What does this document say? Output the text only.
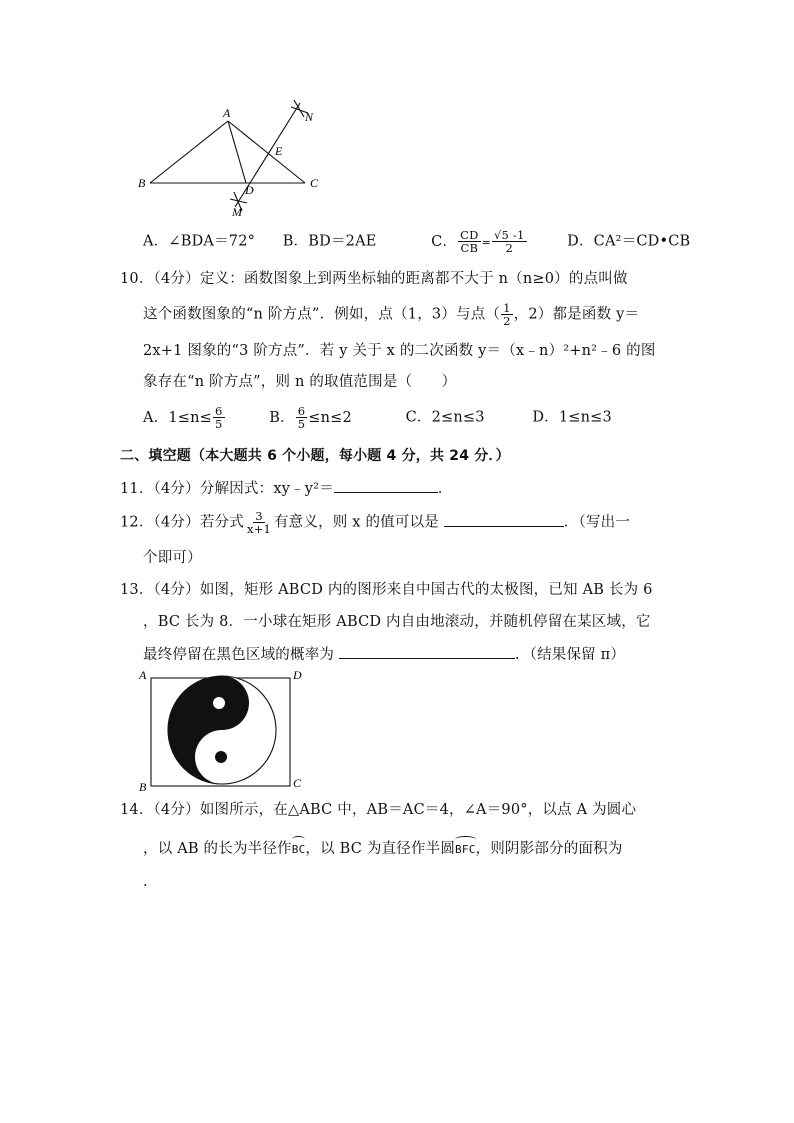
A	N
E
B	D	C
M
A．∠BDA＝72° B．BD＝2AE	C． $\frac{CD}{CB} = \frac{√5 -1}{2}$	D．CA²＝CD•CB
10．（4分）定义：函数图象上到两坐标轴的距离都不大于 n（n≥0）的点叫做
这个函数图象的“n 阶方点”．例如，点（1，3）与点（ $\frac{1}{2}$ ，2）都是函数 y＝
2x+1 图象的“3 阶方点”．若 y 关于 x 的二次函数 y＝（x﹣n）²+n²﹣6 的图
象存在“n 阶方点”，则 n 的取值范围是（　　）
A．$1\le n\le \frac{6}{5}$	B． $\frac{6}{5} \le n\le 2$	C．2≤n≤3	D．1≤n≤3
二、填空题（本大题共 6 个小题，每小题 4 分，共 24 分．）
11．（4分）分解因式：xy﹣y²＝	．
12．（4分）若分式 $\frac{3}{x+1}$ 有意义，则 x 的值可以是	．（写出一
个即可）
13．（4分）如图，矩形 ABCD 内的图形来自中国古代的太极图，已知 AB 长为 6
，BC 长为 8．一小球在矩形 ABCD 内自由地滚动，并随机停留在某区域，它
最终停留在黑色区域的概率为	．（结果保留 π）
A	D
B	C
14．（4分）如图所示，在△ABC 中，AB＝AC＝4，∠A＝90°，以点 A 为圆心
，以 AB 的长为半径作BC，以 BC 为直径作半圆BFC，则阴影部分的面积为
．
